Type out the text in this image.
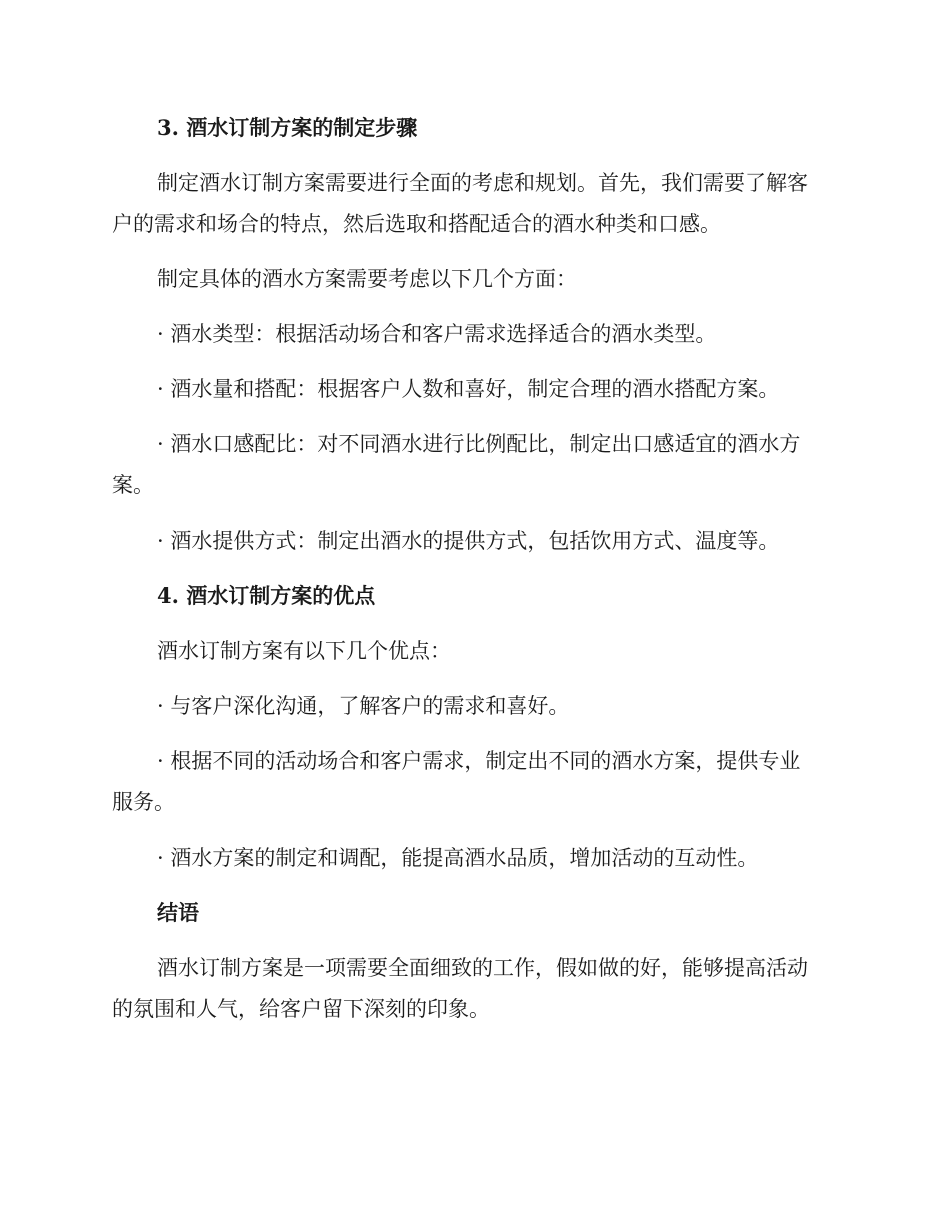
3. 酒水订制方案的制定步骤
制定酒水订制方案需要进行全面的考虑和规划。首先，我们需要了解客
户的需求和场合的特点，然后选取和搭配适合的酒水种类和口感。
制定具体的酒水方案需要考虑以下几个方面：
· 酒水类型：根据活动场合和客户需求选择适合的酒水类型。
· 酒水量和搭配：根据客户人数和喜好，制定合理的酒水搭配方案。
· 酒水口感配比：对不同酒水进行比例配比，制定出口感适宜的酒水方
案。
· 酒水提供方式：制定出酒水的提供方式，包括饮用方式、温度等。
4. 酒水订制方案的优点
酒水订制方案有以下几个优点：
· 与客户深化沟通，了解客户的需求和喜好。
· 根据不同的活动场合和客户需求，制定出不同的酒水方案，提供专业
服务。
· 酒水方案的制定和调配，能提高酒水品质，增加活动的互动性。
结语
酒水订制方案是一项需要全面细致的工作，假如做的好，能够提高活动
的氛围和人气，给客户留下深刻的印象。
